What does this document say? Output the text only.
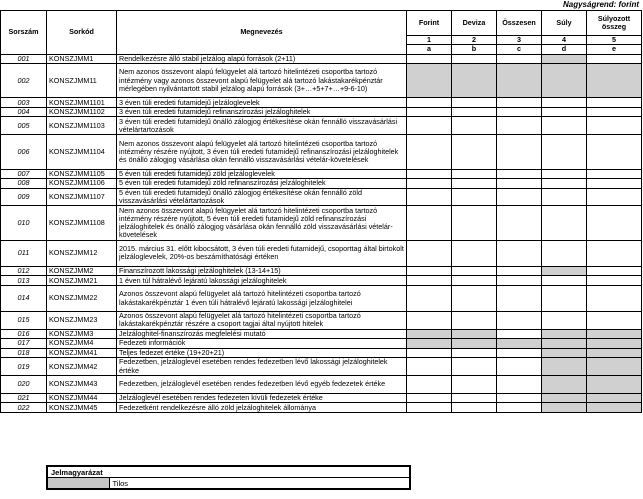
Nagyságrend: forint
Sorszám	Sorkód	Megnevezés	Forint	Deviza	Összesen	Súly	Súlyozott összeg
			1	2	3	4	5
			a	b	c	d	e
001	KONSZJMM1	Rendelkezésre álló stabil jelzálog alapú források (2+11)					
002	KONSZJMM11	Nem azonos összevont alapú felügyelet alá tartozó hitelintézeti csoportba tartozó intézmény vagy azonos összevont alapú felügyelet alá tartozó lakástakarékpénztár mérlegében nyilvántartott stabil jelzálog alapú források (3+…+5+7+…+9-6-10)					
003	KONSZJMM1101	3 éven túli eredeti futamidejű jelzáloglevelek					
004	KONSZJMM1102	3 éven túli eredeti futamidejű refinanszírozási jelzáloghitelek					
005	KONSZJMM1103	3 éven túli eredeti futamidejű önálló zálogjog értékesítése okán fennálló visszavásárlási vételártartozások					
006	KONSZJMM1104	Nem azonos összevont alapú felügyelet alá tartozó hitelintézeti csoportba tartozó intézmény részére nyújtott, 3 éven túli eredeti futamidejű refinanszírozási jelzáloghitelek és önálló zálogjog vásárlása okán fennálló visszavásárlási vételár-követelések					
007	KONSZJMM1105	5 éven túli eredeti futamidejű zöld jelzáloglevelek					
008	KONSZJMM1106	5 éven túli eredeti futamidejű zöld refinanszírozási jelzáloghitelek					
009	KONSZJMM1107	5 éven túli eredeti futamidejű önálló zálogjog értékesítése okán fennálló zöld visszavásárlási vételártartozások					
010	KONSZJMM1108	Nem azonos összevont alapú felügyelet alá tartozó hitelintézeti csoportba tartozó intézmény részére nyújtott, 5 éven túli eredeti futamidejű zöld refinanszírozási jelzáloghitelek és önálló zálogjog vásárlása okán fennálló zöld visszavásárlási vételár-követelések					
011	KONSZJMM12	2015. március 31. előtt kibocsátott, 3 éven túli eredeti futamidejű, csoporttag által birtokolt jelzáloglevelek, 20%-os beszámíthatósági értéken					
012	KONSZJMM2	Finanszírozott lakossági jelzáloghitelek (13-14+15)					
013	KONSZJMM21	1 éven túl hátralévő lejáratú lakossági jelzáloghitelek					
014	KONSZJMM22	Azonos összevont alapú felügyelet alá tartozó hitelintézeti csoportba tartozó lakástakarékpénztár 1 éven túli hátralévő lejáratú lakossági jelzáloghitelei					
015	KONSZJMM23	Azonos összevont alapú felügyelet alá tartozó hitelintézeti csoportba tartozó lakástakarékpénztár részére a csoport tagjai által nyújtott hitelek					
016	KONSZJMM3	Jelzáloghitel-finanszírozás megfelelési mutató					
017	KONSZJMM4	Fedezeti információk					
018	KONSZJMM41	Teljes fedezet értéke (19+20+21)					
019	KONSZJMM42	Fedezetben, jelzáloglevél esetében rendes fedezetben lévő lakossági jelzáloghitelek értéke					
020	KONSZJMM43	Fedezetben, jelzáloglevél esetében rendes fedezetben lévő egyéb fedezetek értéke					
021	KONSZJMM44	Jelzáloglevél esetében rendes fedezeten kívüli fedezetek értéke					
022	KONSZJMM45	Fedezetként rendelkezésre álló zöld jelzáloghitelek állománya					
Jelmagyarázat
	Tilos
